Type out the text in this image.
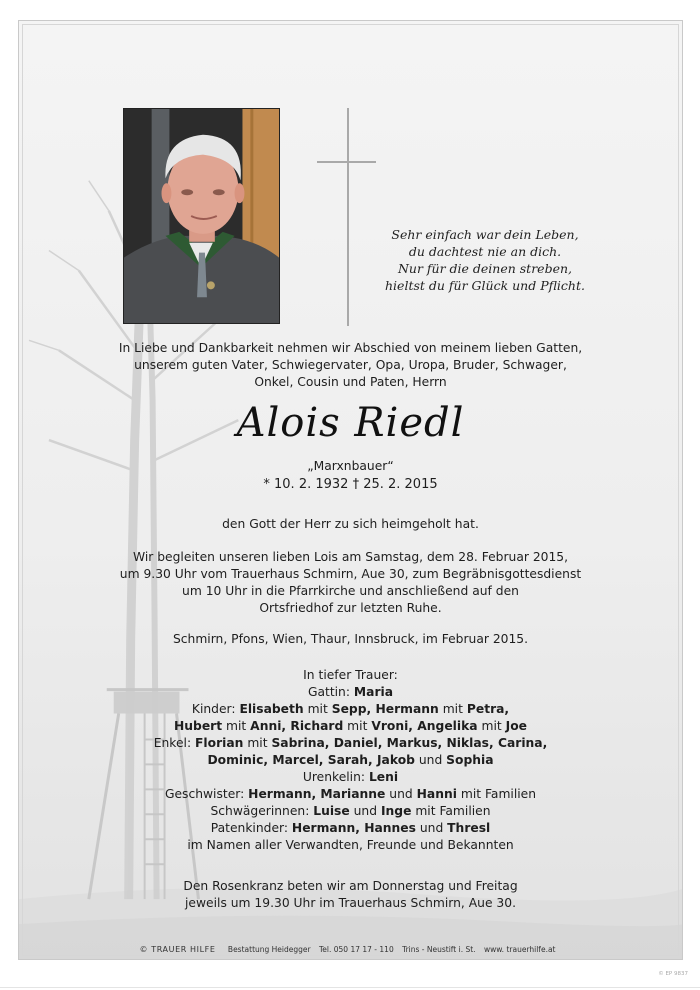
Sehr einfach war dein Leben,
du dachtest nie an dich.
Nur für die deinen streben,
hieltst du für Glück und Pflicht.
In Liebe und Dankbarkeit nehmen wir Abschied von meinem lieben Gatten,
unserem guten Vater, Schwiegervater, Opa, Uropa, Bruder, Schwager,
Onkel, Cousin und Paten, Herrn
Alois Riedl
„Marxnbauer“
* 10. 2. 1932 † 25. 2. 2015
den Gott der Herr zu sich heimgeholt hat.
Wir begleiten unseren lieben Lois am Samstag, dem 28. Februar 2015,
um 9.30 Uhr vom Trauerhaus Schmirn, Aue 30, zum Begräbnisgottesdienst
um 10 Uhr in die Pfarrkirche und anschließend auf den
Ortsfriedhof zur letzten Ruhe.
Schmirn, Pfons, Wien, Thaur, Innsbruck, im Februar 2015.
In tiefer Trauer:
Gattin: Maria
Kinder: Elisabeth mit Sepp, Hermann mit Petra,
Hubert mit Anni, Richard mit Vroni, Angelika mit Joe
Enkel: Florian mit Sabrina, Daniel, Markus, Niklas, Carina,
Dominic, Marcel, Sarah, Jakob und Sophia
Urenkelin: Leni
Geschwister: Hermann, Marianne und Hanni mit Familien
Schwägerinnen: Luise und Inge mit Familien
Patenkinder: Hermann, Hannes und Thresl
im Namen aller Verwandten, Freunde und Bekannten
Den Rosenkranz beten wir am Donnerstag und Freitag
jeweils um 19.30 Uhr im Trauerhaus Schmirn, Aue 30.
© TRAUER HILFE Bestattung Heidegger Tel. 050 17 17 - 110 Trins - Neustift i. St. www. trauerhilfe.at
© EP 9837
